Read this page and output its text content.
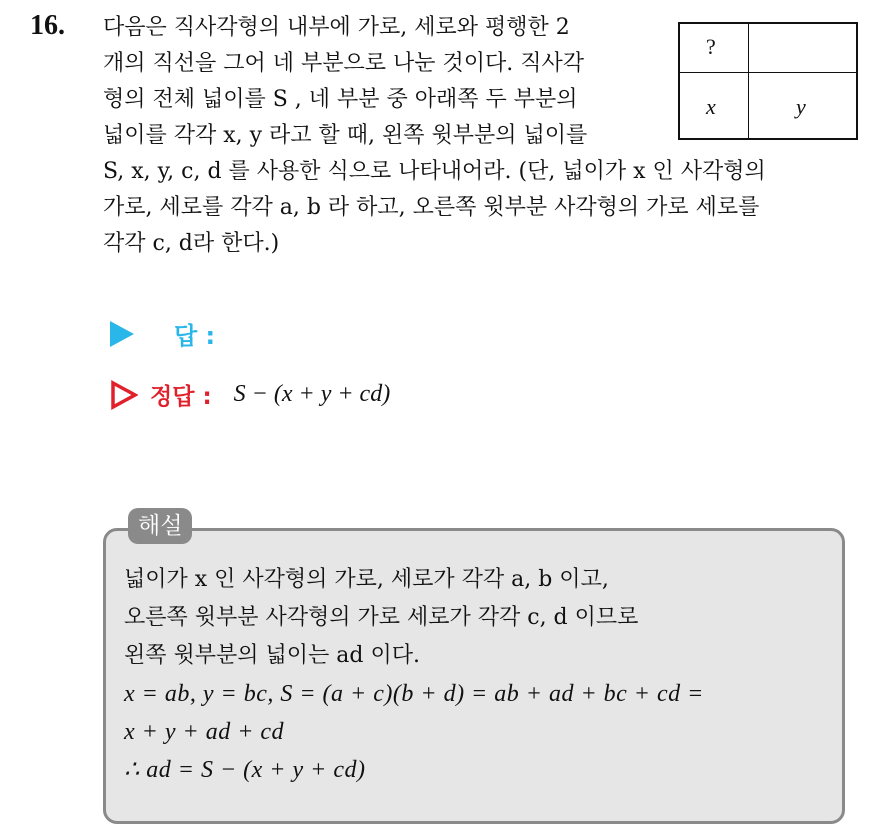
16. 다음은 직사각형의 내부에 가로, 세로와 평행한 2
개의 직선을 그어 네 부분으로 나눈 것이다. 직사각
형의 전체 넓이를 S , 네 부분 중 아래쪽 두 부분의
넓이를 각각 x, y 라고 할 때, 왼쪽 윗부분의 넓이를
S, x, y, c, d 를 사용한 식으로 나타내어라. (단, 넓이가 x 인 사각형의
가로, 세로를 각각 a, b 라 하고, 오른쪽 윗부분 사각형의 가로 세로를
각각 c, d라 한다.)
?
x	y
답 :
정답 : S − (x + y + cd)
해설
넓이가 x 인 사각형의 가로, 세로가 각각 a, b 이고,
오른쪽 윗부분 사각형의 가로 세로가 각각 c, d 이므로
왼쪽 윗부분의 넓이는 ad 이다.
x = ab, y = bc, S = (a + c)(b + d) = ab + ad + bc + cd =
x + y + ad + cd
∴ ad = S − (x + y + cd)
